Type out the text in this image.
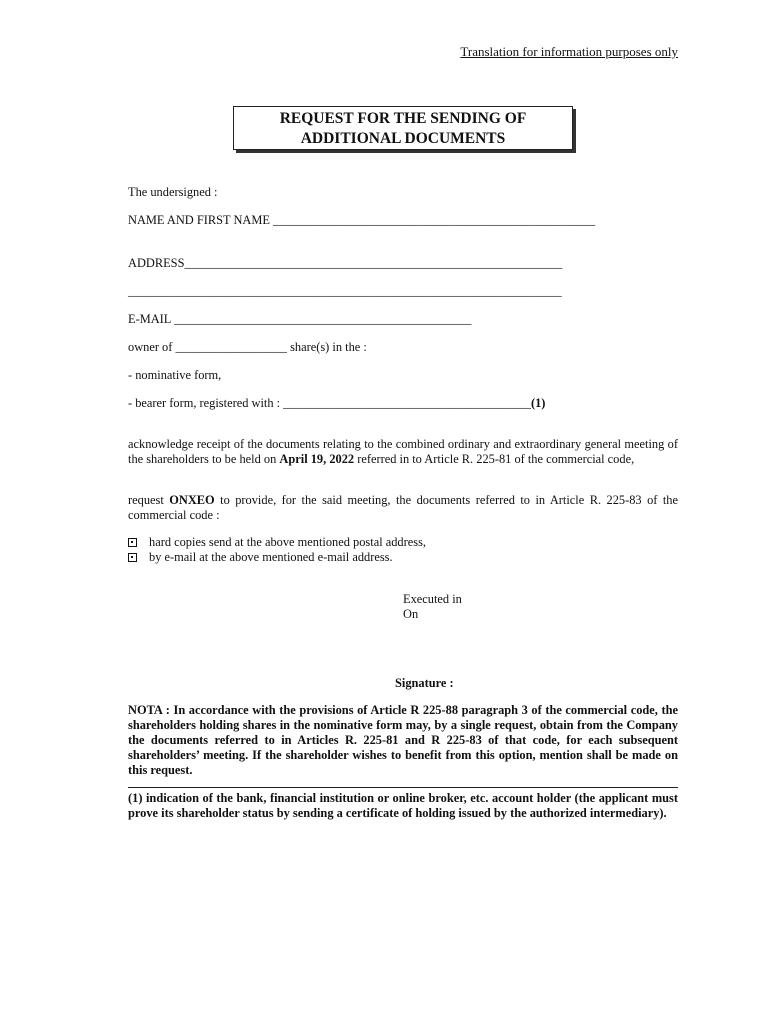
Translation for information purposes only
REQUEST FOR THE SENDING OF
ADDITIONAL DOCUMENTS
The undersigned :
NAME AND FIRST NAME ____________________________________________________
ADDRESS_____________________________________________________________
______________________________________________________________________
E-MAIL ________________________________________________
owner of __________________ share(s) in the :
- nominative form,
- bearer form, registered with : ________________________________________(1)
acknowledge receipt of the documents relating to the combined ordinary and extraordinary general meeting of the shareholders to be held on April 19, 2022 referred in to Article R. 225-81 of the commercial code,
request ONXEO to provide, for the said meeting, the documents referred to in Article R. 225-83 of the commercial code :
hard copies send at the above mentioned postal address,
by e-mail at the above mentioned e-mail address.
Executed in
On
Signature :
NOTA : In accordance with the provisions of Article R 225-88 paragraph 3 of the commercial code, the shareholders holding shares in the nominative form may, by a single request, obtain from the Company the documents referred to in Articles R. 225-81 and R 225-83 of that code, for each subsequent shareholders’ meeting. If the shareholder wishes to benefit from this option, mention shall be made on this request.
(1) indication of the bank, financial institution or online broker, etc. account holder (the applicant must prove its shareholder status by sending a certificate of holding issued by the authorized intermediary).
